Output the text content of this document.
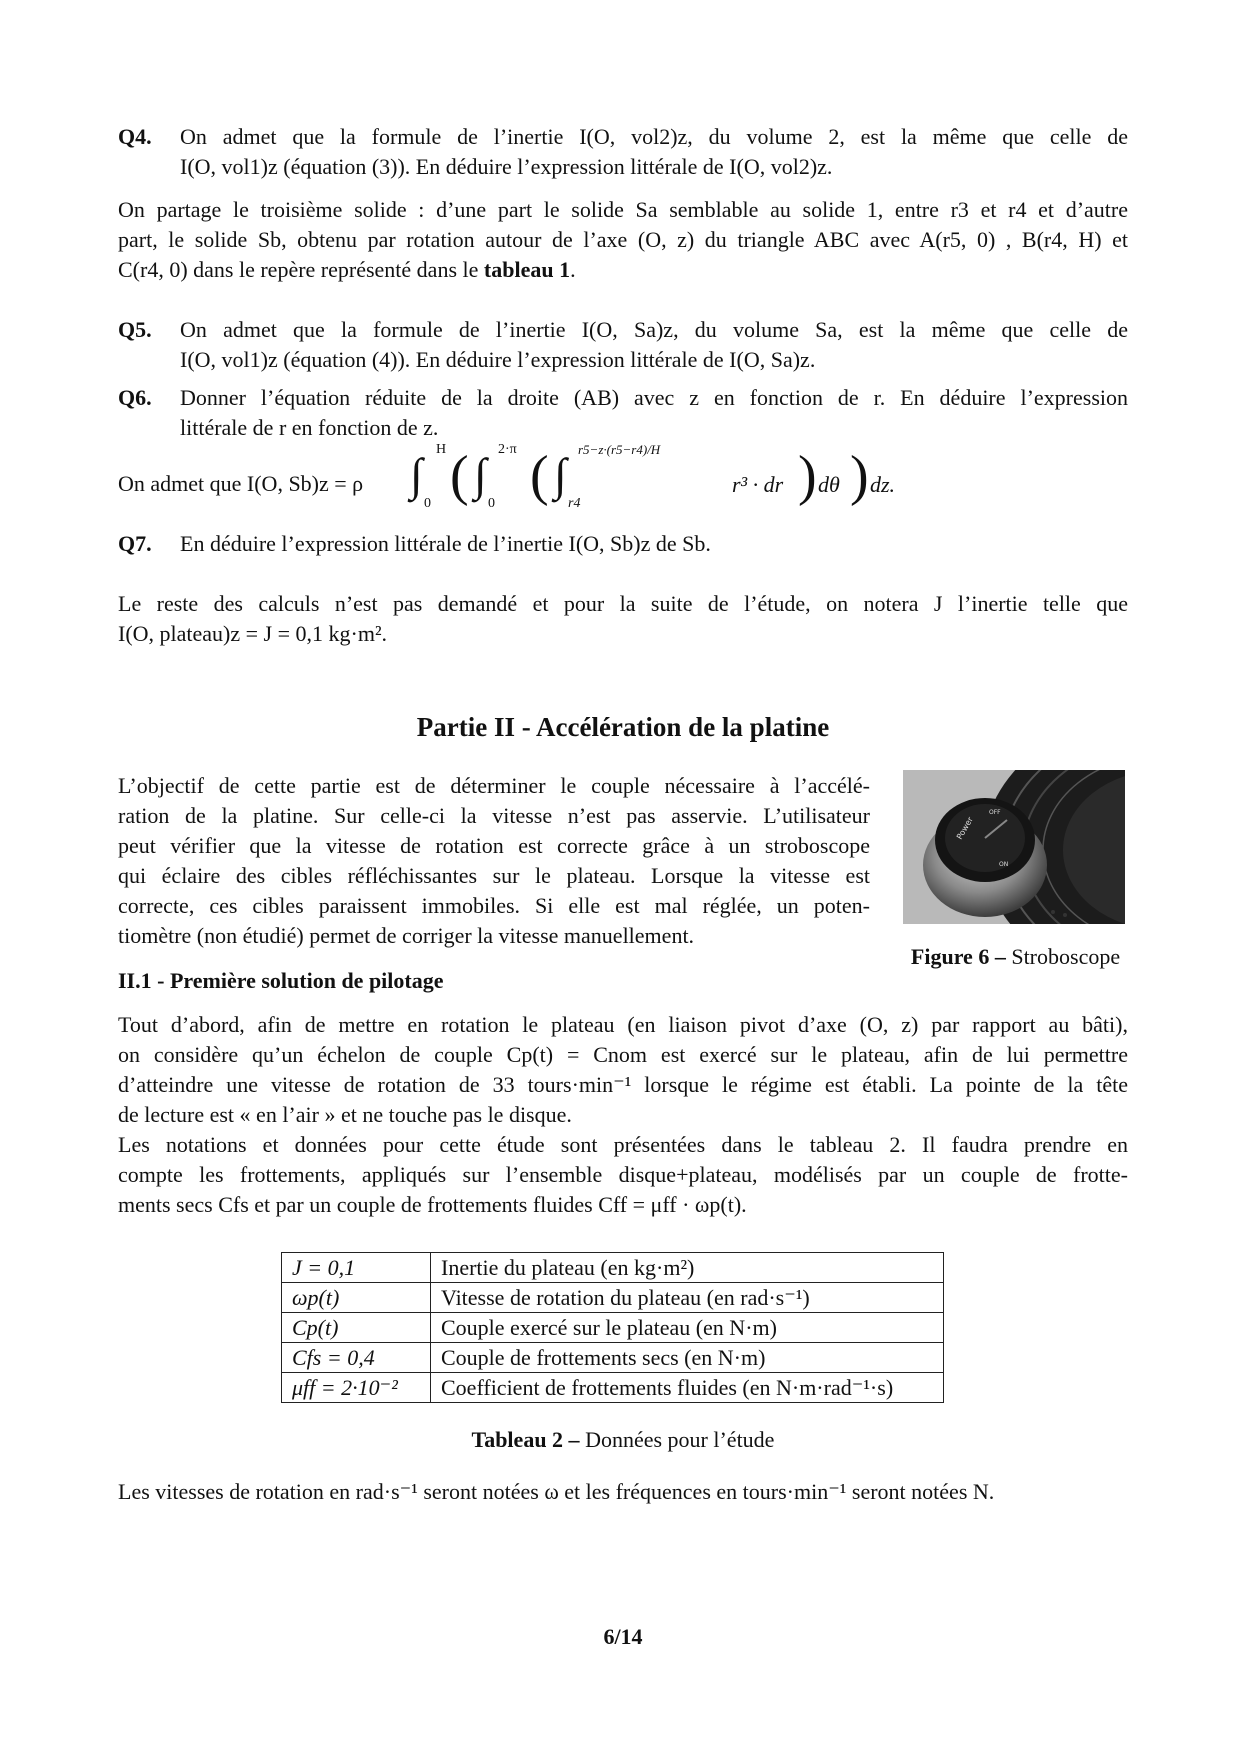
Q4. On admet que la formule de l’inertie I(O, vol2)z, du volume 2, est la même que celle de
I(O, vol1)z (équation (3)). En déduire l’expression littérale de I(O, vol2)z.
On partage le troisième solide : d’une part le solide Sa semblable au solide 1, entre r3 et r4 et d’autre
part, le solide Sb, obtenu par rotation autour de l’axe (O, z) du triangle ABC avec A(r5, 0) , B(r4, H) et
C(r4, 0) dans le repère représenté dans le tableau 1.
Q5. On admet que la formule de l’inertie I(O, Sa)z, du volume Sa, est la même que celle de
I(O, vol1)z (équation (4)). En déduire l’expression littérale de I(O, Sa)z.
Q6. Donner l’équation réduite de la droite (AB) avec z en fonction de r. En déduire l’expression
littérale de r en fonction de z.
On admet que I(O, Sb)z = ρ ∫ H
0 ( ∫ 2·π
0 ( ∫ r5−z·(r5−r4)/H
r4
r³ · dr ) dθ ) dz.
Q7. En déduire l’expression littérale de l’inertie I(O, Sb)z de Sb.
Le reste des calculs n’est pas demandé et pour la suite de l’étude, on notera J l’inertie telle que
I(O, plateau)z = J = 0,1 kg·m².
Partie II - Accélération de la platine
L’objectif de cette partie est de déterminer le couple nécessaire à l’accélé-
ration de la platine. Sur celle-ci la vitesse n’est pas asservie. L’utilisateur
peut vérifier que la vitesse de rotation est correcte grâce à un stroboscope
qui éclaire des cibles réfléchissantes sur le plateau. Lorsque la vitesse est
correcte, ces cibles paraissent immobiles. Si elle est mal réglée, un poten-
tiomètre (non étudié) permet de corriger la vitesse manuellement.
Power
OFF
ON
Figure 6 – Stroboscope
II.1 - Première solution de pilotage
Tout d’abord, afin de mettre en rotation le plateau (en liaison pivot d’axe (O, z) par rapport au bâti),
on considère qu’un échelon de couple Cp(t) = Cnom est exercé sur le plateau, afin de lui permettre
d’atteindre une vitesse de rotation de 33 tours·min⁻¹ lorsque le régime est établi. La pointe de la tête
de lecture est « en l’air » et ne touche pas le disque.
Les notations et données pour cette étude sont présentées dans le tableau 2. Il faudra prendre en
compte les frottements, appliqués sur l’ensemble disque+plateau, modélisés par un couple de frotte-
ments secs Cfs et par un couple de frottements fluides Cff = μff · ωp(t).
J = 0,1	Inertie du plateau (en kg·m²)
ωp(t)	Vitesse de rotation du plateau (en rad·s⁻¹)
Cp(t)	Couple exercé sur le plateau (en N·m)
Cfs = 0,4	Couple de frottements secs (en N·m)
μff = 2·10⁻²	Coefficient de frottements fluides (en N·m·rad⁻¹·s)
Tableau 2 – Données pour l’étude
Les vitesses de rotation en rad·s⁻¹ seront notées ω et les fréquences en tours·min⁻¹ seront notées N.
6/14
